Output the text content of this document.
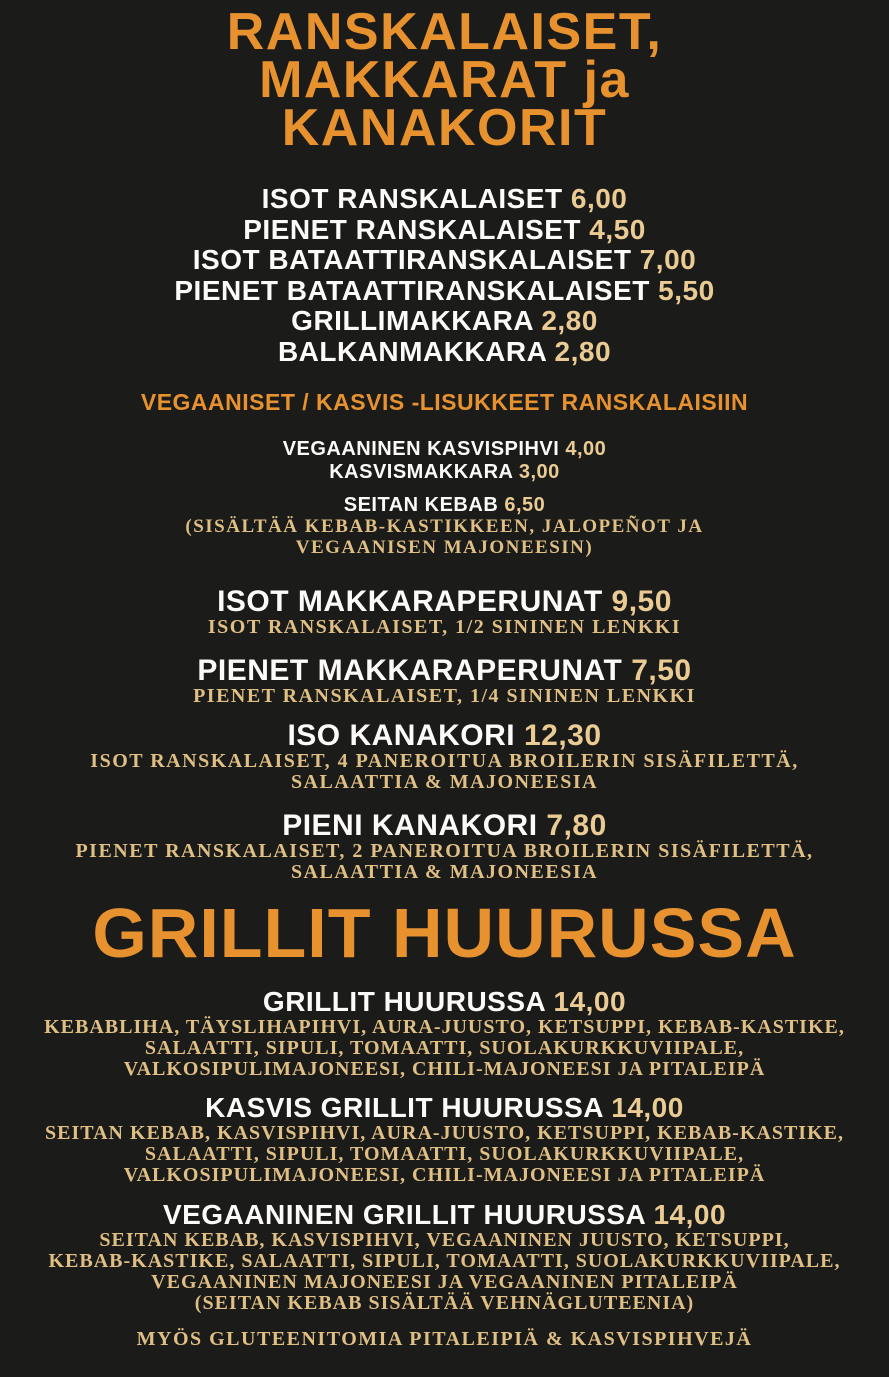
RANSKALAISET,
MAKKARAT ja
KANAKORIT
ISOT RANSKALAISET 6,00
PIENET RANSKALAISET 4,50
ISOT BATAATTIRANSKALAISET 7,00
PIENET BATAATTIRANSKALAISET 5,50
GRILLIMAKKARA 2,80
BALKANMAKKARA 2,80
VEGAANISET / KASVIS -LISUKKEET RANSKALAISIIN
VEGAANINEN KASVISPIHVI 4,00
KASVISMAKKARA 3,00
SEITAN KEBAB 6,50
(SISÄLTÄÄ KEBAB-KASTIKKEEN, JALOPEÑOT JA
VEGAANISEN MAJONEESIN)
ISOT MAKKARAPERUNAT 9,50
ISOT RANSKALAISET, 1/2 SININEN LENKKI
PIENET MAKKARAPERUNAT 7,50
PIENET RANSKALAISET, 1/4 SININEN LENKKI
ISO KANAKORI 12,30
ISOT RANSKALAISET, 4 PANEROITUA BROILERIN SISÄFILETTÄ,
SALAATTIA & MAJONEESIA
PIENI KANAKORI 7,80
PIENET RANSKALAISET, 2 PANEROITUA BROILERIN SISÄFILETTÄ,
SALAATTIA & MAJONEESIA
GRILLIT HUURUSSA
GRILLIT HUURUSSA 14,00
KEBABLIHA, TÄYSLIHAPIHVI, AURA-JUUSTO, KETSUPPI, KEBAB-KASTIKE,
SALAATTI, SIPULI, TOMAATTI, SUOLAKURKKUVIIPALE,
VALKOSIPULIMAJONEESI, CHILI-MAJONEESI JA PITALEIPÄ
KASVIS GRILLIT HUURUSSA 14,00
SEITAN KEBAB, KASVISPIHVI, AURA-JUUSTO, KETSUPPI, KEBAB-KASTIKE,
SALAATTI, SIPULI, TOMAATTI, SUOLAKURKKUVIIPALE,
VALKOSIPULIMAJONEESI, CHILI-MAJONEESI JA PITALEIPÄ
VEGAANINEN GRILLIT HUURUSSA 14,00
SEITAN KEBAB, KASVISPIHVI, VEGAANINEN JUUSTO, KETSUPPI,
KEBAB-KASTIKE, SALAATTI, SIPULI, TOMAATTI, SUOLAKURKKUVIIPALE,
VEGAANINEN MAJONEESI JA VEGAANINEN PITALEIPÄ
(SEITAN KEBAB SISÄLTÄÄ VEHNÄGLUTEENIA)
MYÖS GLUTEENITOMIA PITALEIPIÄ & KASVISPIHVEJÄ
